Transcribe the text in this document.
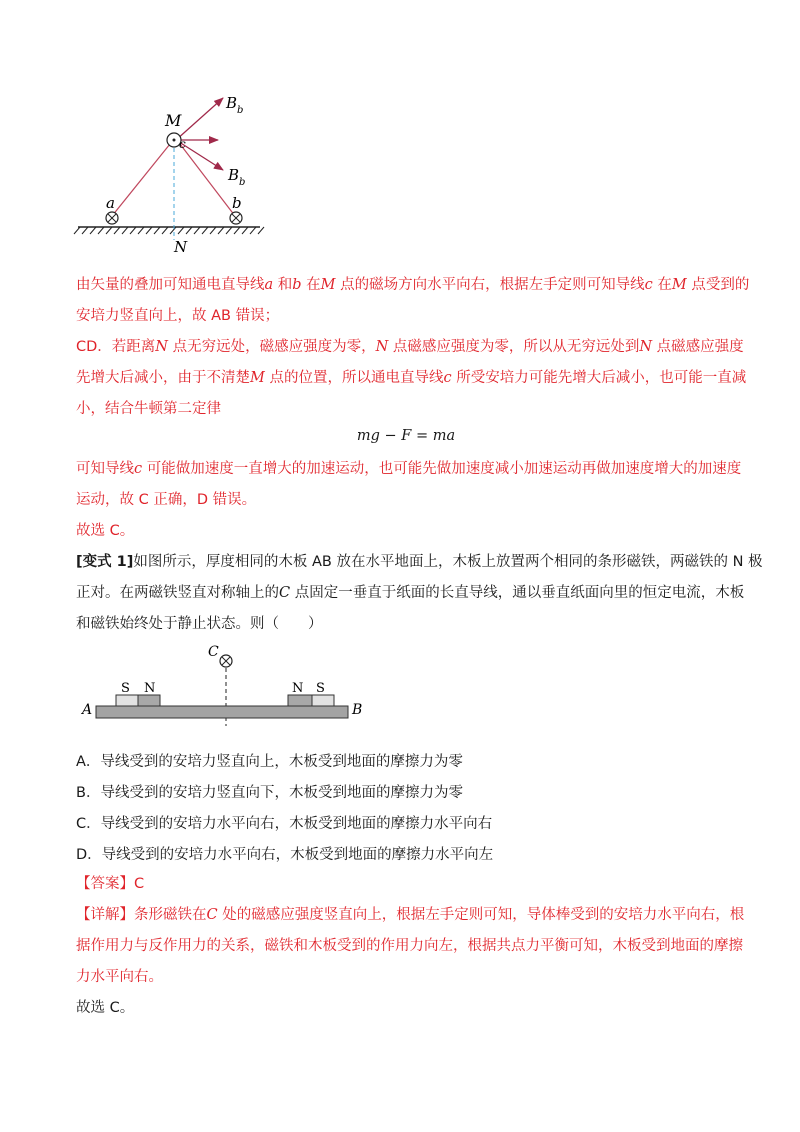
M
c
$B_b$
$B_b$
a	b
N
由矢量的叠加可知通电直导线a 和b 在M 点的磁场方向水平向右，根据左手定则可知导线c 在M 点受到的
安培力竖直向上，故 AB 错误；
CD．若距离N 点无穷远处，磁感应强度为零，N 点磁感应强度为零，所以从无穷远处到N 点磁感应强度
先增大后减小，由于不清楚M 点的位置，所以通电直导线c 所受安培力可能先增大后减小，也可能一直减
小，结合牛顿第二定律
mg − F = ma
可知导线c 可能做加速度一直增大的加速运动，也可能先做加速度减小加速运动再做加速度增大的加速度
运动，故 C 正确，D 错误。
故选 C。
[变式 1]如图所示，厚度相同的木板 AB 放在水平地面上，木板上放置两个相同的条形磁铁，两磁铁的 N 极
正对。在两磁铁竖直对称轴上的C 点固定一垂直于纸面的长直导线，通以垂直纸面向里的恒定电流，木板
和磁铁始终处于静止状态。则（　　）
C
S N	N S
A	B
A．导线受到的安培力竖直向上，木板受到地面的摩擦力为零
B．导线受到的安培力竖直向下，木板受到地面的摩擦力为零
C．导线受到的安培力水平向右，木板受到地面的摩擦力水平向右
D．导线受到的安培力水平向右，木板受到地面的摩擦力水平向左
【答案】C
【详解】条形磁铁在C 处的磁感应强度竖直向上，根据左手定则可知，导体棒受到的安培力水平向右，根
据作用力与反作用力的关系，磁铁和木板受到的作用力向左，根据共点力平衡可知，木板受到地面的摩擦
力水平向右。
故选 C。
